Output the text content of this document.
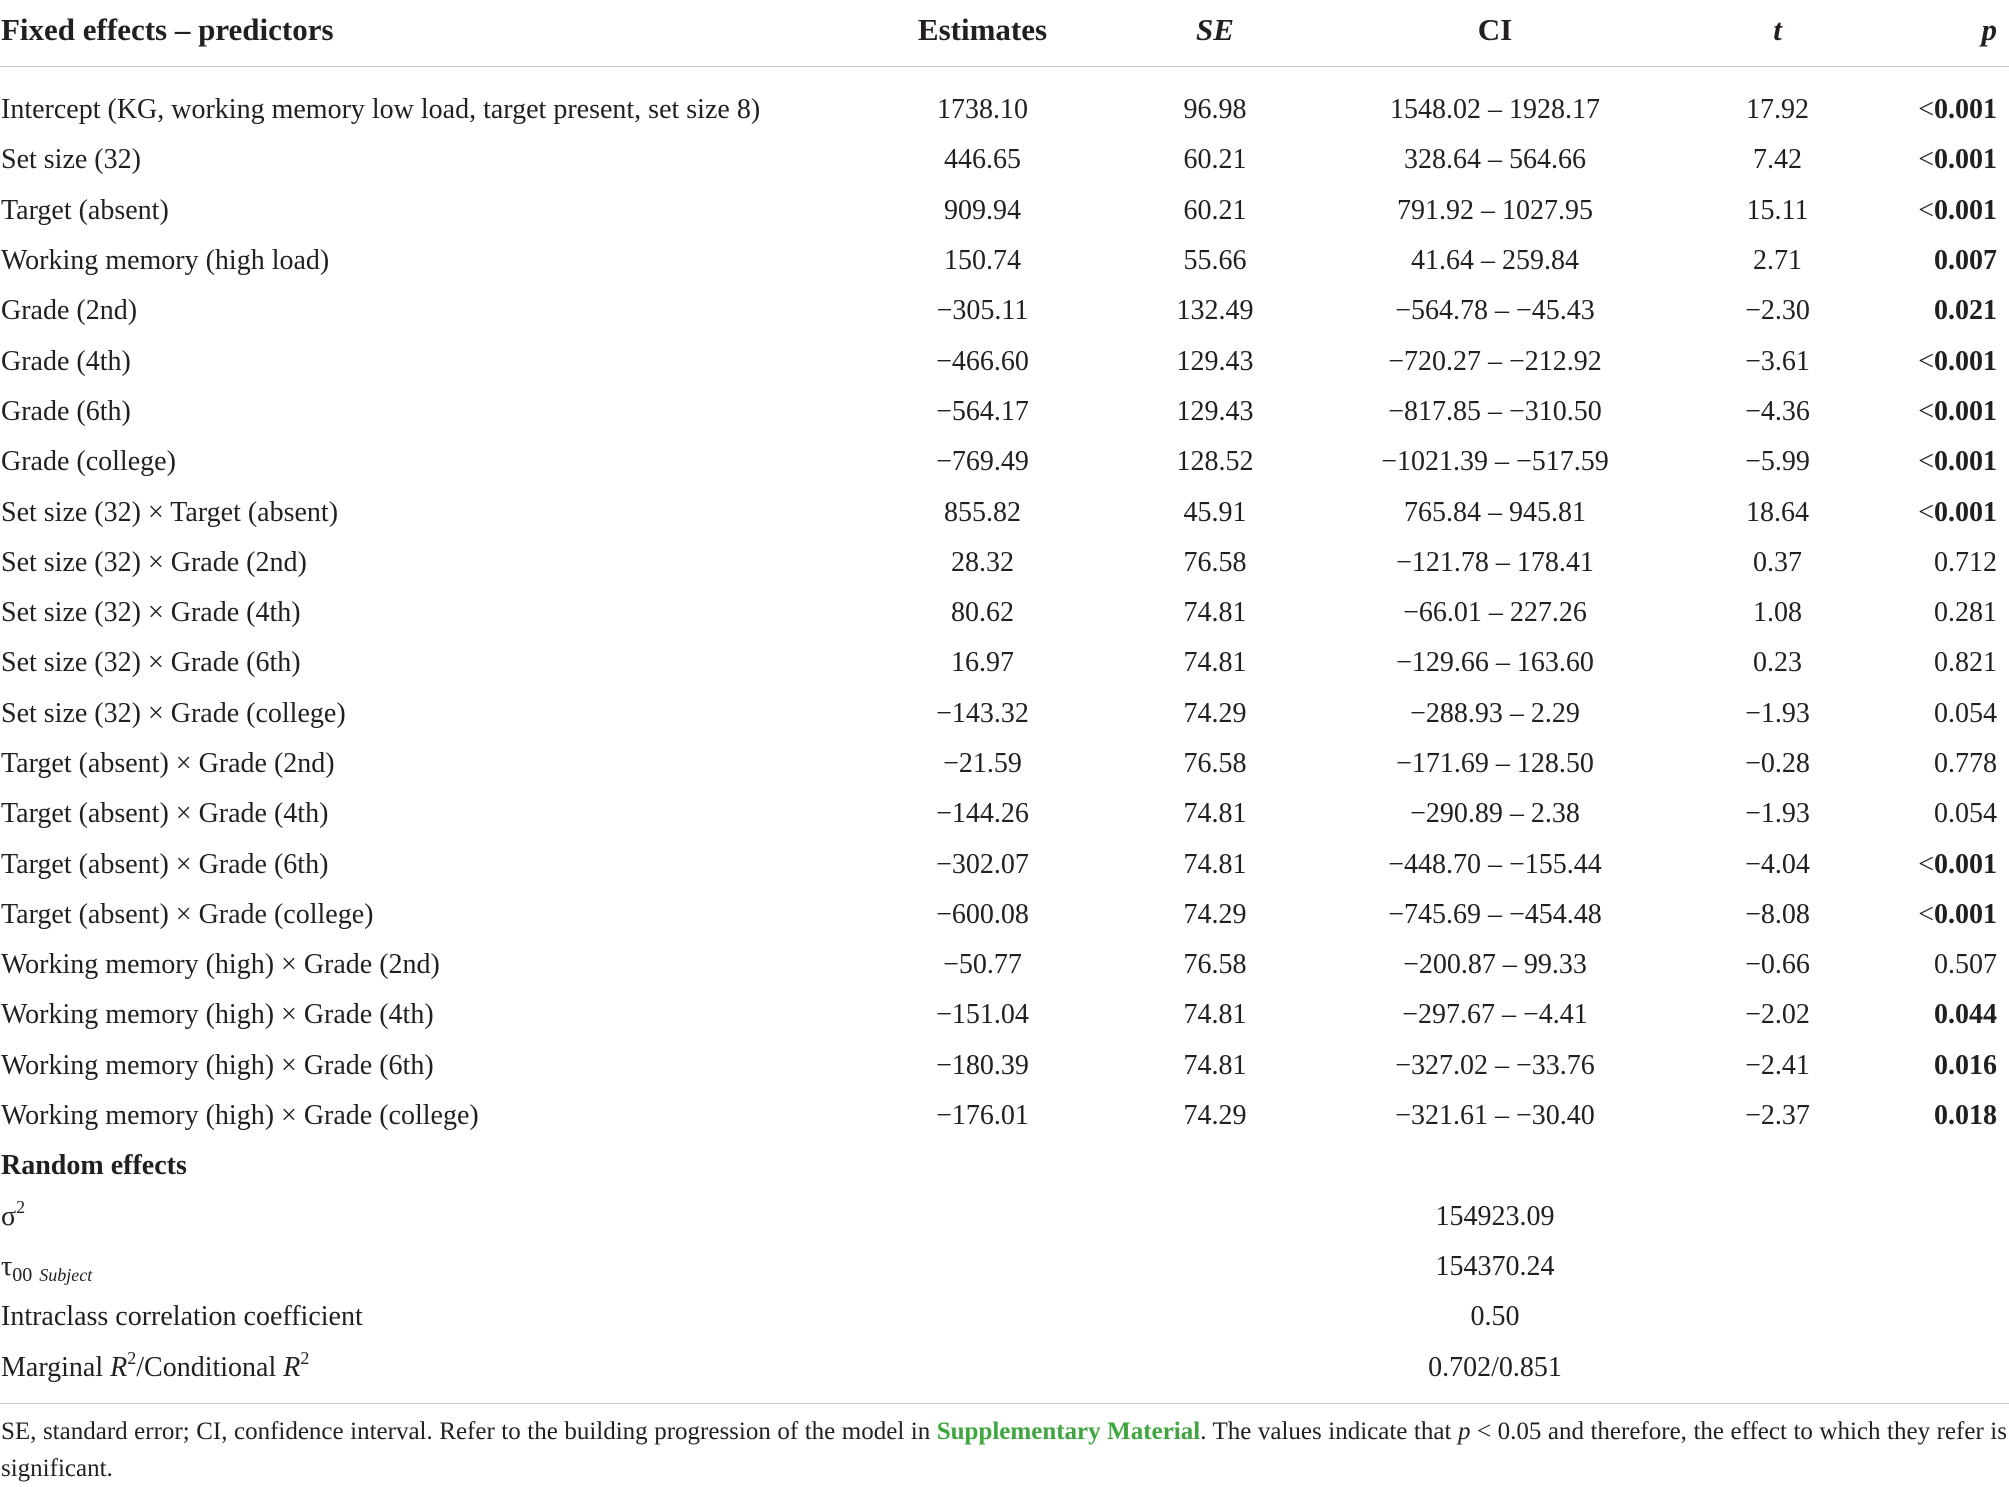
Fixed effects – predictors	Estimates	SE	CI	t	p
Intercept (KG, working memory low load, target present, set size 8)	1738.10	96.98	1548.02 – 1928.17	17.92	<0.001
Set size (32)	446.65	60.21	328.64 – 564.66	7.42	<0.001
Target (absent)	909.94	60.21	791.92 – 1027.95	15.11	<0.001
Working memory (high load)	150.74	55.66	41.64 – 259.84	2.71	0.007
Grade (2nd)	−305.11	132.49	−564.78 – −45.43	−2.30	0.021
Grade (4th)	−466.60	129.43	−720.27 – −212.92	−3.61	<0.001
Grade (6th)	−564.17	129.43	−817.85 – −310.50	−4.36	<0.001
Grade (college)	−769.49	128.52	−1021.39 – −517.59	−5.99	<0.001
Set size (32) × Target (absent)	855.82	45.91	765.84 – 945.81	18.64	<0.001
Set size (32) × Grade (2nd)	28.32	76.58	−121.78 – 178.41	0.37	0.712
Set size (32) × Grade (4th)	80.62	74.81	−66.01 – 227.26	1.08	0.281
Set size (32) × Grade (6th)	16.97	74.81	−129.66 – 163.60	0.23	0.821
Set size (32) × Grade (college)	−143.32	74.29	−288.93 – 2.29	−1.93	0.054
Target (absent) × Grade (2nd)	−21.59	76.58	−171.69 – 128.50	−0.28	0.778
Target (absent) × Grade (4th)	−144.26	74.81	−290.89 – 2.38	−1.93	0.054
Target (absent) × Grade (6th)	−302.07	74.81	−448.70 – −155.44	−4.04	<0.001
Target (absent) × Grade (college)	−600.08	74.29	−745.69 – −454.48	−8.08	<0.001
Working memory (high) × Grade (2nd)	−50.77	76.58	−200.87 – 99.33	−0.66	0.507
Working memory (high) × Grade (4th)	−151.04	74.81	−297.67 – −4.41	−2.02	0.044
Working memory (high) × Grade (6th)	−180.39	74.81	−327.02 – −33.76	−2.41	0.016
Working memory (high) × Grade (college)	−176.01	74.29	−321.61 – −30.40	−2.37	0.018
Random effects					
$\sigma^2$			154923.09		
$\tau_{00}$ $_{Subject}$			154370.24		
Intraclass correlation coefficient			0.50		
Marginal $R^2$/Conditional $R^2$			0.702/0.851		
SE, standard error; CI, confidence interval. Refer to the building progression of the model in Supplementary Material. The values indicate that p < 0.05 and therefore, the effect to which they refer is significant.
